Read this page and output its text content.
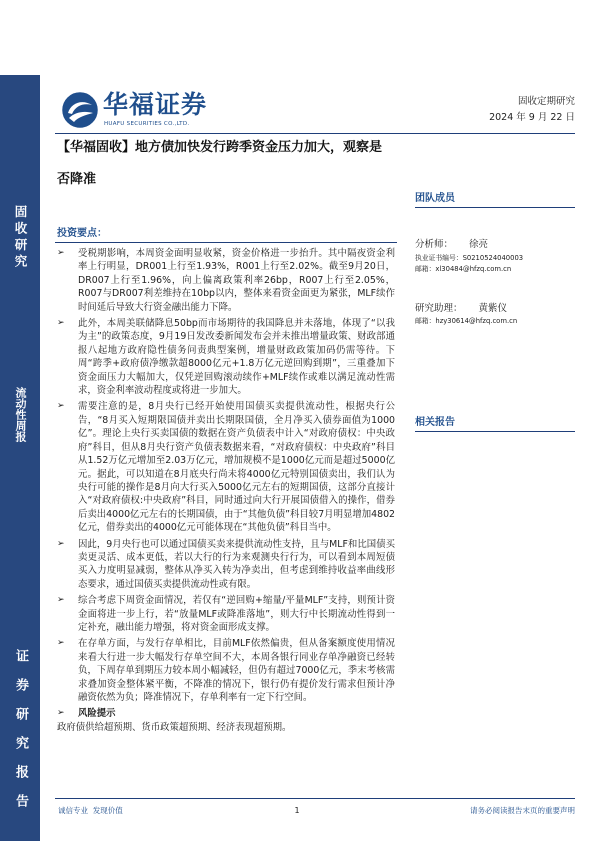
固收研究
流动性周报
证券研究报告
华福证券
HUAFU SECURITIES CO.,LTD.
固收定期研究
2024 年 9 月 22 日
【华福固收】地方债加快发行跨季资金压力加大，观察是否降准
投资要点：
➢	受税期影响，本周资金面明显收紧，资金价格进一步抬升。其中隔夜资金利率上行明显，DR001上行至1.93%，R001上行至2.02%。截至9月20日，DR007上行至1.96%，向上偏离政策利率26bp，R007上行至2.05%，R007与DR007利差维持在10bp以内，整体来看资金面更为紧张，MLF续作时间延后导致大行资金融出能力下降。
➢	此外，本周美联储降息50bp而市场期待的我国降息并未落地，体现了“以我为主”的政策态度，9月19日发改委新闻发布会并未推出增量政策、财政部通报八起地方政府隐性债务问责典型案例，增量财政政策加码仍需等待。下周“跨季+政府债净缴款超8000亿元+1.8万亿元逆回购到期”，三重叠加下资金面压力大幅加大，仅凭逆回购滚动续作+MLF续作或难以满足流动性需求，资金利率波动程度或将进一步加大。
➢	需要注意的是，8月央行已经开始使用国债买卖提供流动性，根据央行公告，“8月买入短期限国债并卖出长期限国债，全月净买入债券面值为1000亿”。理论上央行买卖国债的数据在资产负债表中计入“对政府债权：中央政府”科目，但从8月央行资产负债表数据来看，“对政府债权：中央政府”科目从1.52万亿元增加至2.03万亿元，增加规模不是1000亿元而是超过5000亿元。据此，可以知道在8月底央行尚未将4000亿元特别国债卖出，我们认为央行可能的操作是8月向大行买入5000亿元左右的短期国债，这部分直接计入“对政府债权:中央政府”科目，同时通过向大行开展国债借入的操作，借券后卖出4000亿元左右的长期国债，由于“其他负债”科目较7月明显增加4802亿元，借券卖出的4000亿元可能体现在“其他负债”科目当中。
➢	因此，9月央行也可以通过国债买卖来提供流动性支持，且与MLF和比国债买卖更灵活、成本更低，若以大行的行为来观测央行行为，可以看到本周短债买入力度明显减弱，整体从净买入转为净卖出，但考虑到维持收益率曲线形态要求，通过国债买卖提供流动性或有限。
➢	综合考虑下周资金面情况，若仅有“逆回购+缩量/平量MLF”支持，则预计资金面将进一步上行，若“放量MLF或降准落地”，则大行中长期流动性得到一定补充，融出能力增强，将对资金面形成支撑。
➢	在存单方面，与发行存单相比，目前MLF依然偏贵，但从备案额度使用情况来看大行进一步大幅发行存单空间不大，本周各银行同业存单净融资已经转负，下周存单到期压力较本周小幅减轻，但仍有超过7000亿元，季末考核需求叠加资金整体紧平衡，不降准的情况下，银行仍有提价发行需求但预计净融资依然为负；降准情况下，存单利率有一定下行空间。
➢	风险提示
政府债供给超预期、货币政策超预期、经济表现超预期。
团队成员
分析师： 徐亮
执业证书编号：S0210524040003
邮箱：xl30484@hfzq.com.cn
研究助理： 黄紫仪
邮箱：hzy30614@hfzq.com.cn
相关报告
诚信专业  发现价值	1	请务必阅读报告末页的重要声明
